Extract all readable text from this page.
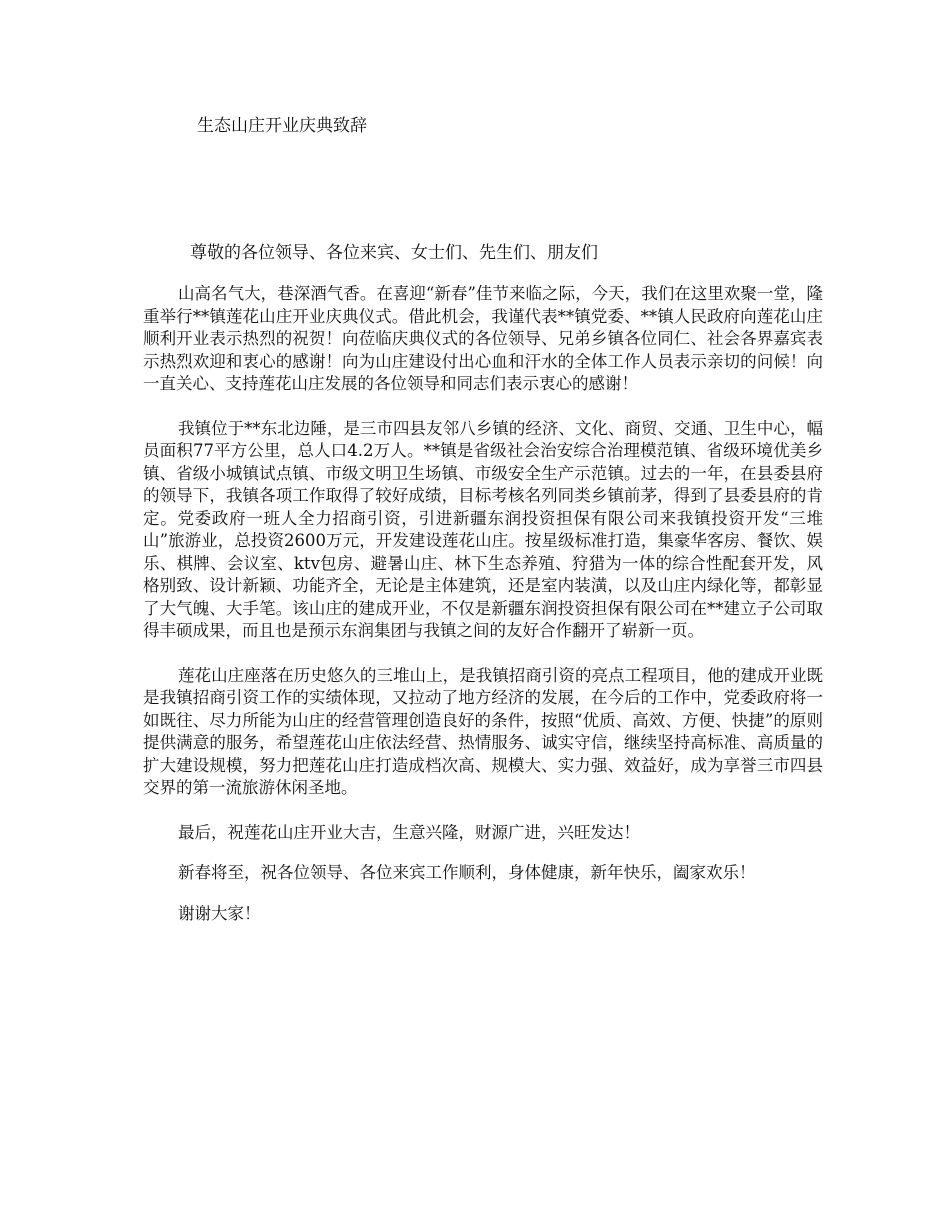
生态山庄开业庆典致辞

尊敬的各位领导、各位来宾、女士们、先生们、朋友们

山高名气大，巷深酒气香。在喜迎“新春”佳节来临之际，今天，我们在这里欢聚一堂，隆重举行**镇莲花山庄开业庆典仪式。借此机会，我谨代表**镇党委、**镇人民政府向莲花山庄顺利开业表示热烈的祝贺！向莅临庆典仪式的各位领导、兄弟乡镇各位同仁、社会各界嘉宾表示热烈欢迎和衷心的感谢！向为山庄建设付出心血和汗水的全体工作人员表示亲切的问候！向一直关心、支持莲花山庄发展的各位领导和同志们表示衷心的感谢！

我镇位于**东北边陲，是三市四县友邻八乡镇的经济、文化、商贸、交通、卫生中心，幅员面积77平方公里，总人口4.2万人。**镇是省级社会治安综合治理模范镇、省级环境优美乡镇、省级小城镇试点镇、市级文明卫生场镇、市级安全生产示范镇。过去的一年，在县委县府的领导下，我镇各项工作取得了较好成绩，目标考核名列同类乡镇前茅，得到了县委县府的肯定。党委政府一班人全力招商引资，引进新疆东润投资担保有限公司来我镇投资开发“三堆山”旅游业，总投资2600万元，开发建设莲花山庄。按星级标准打造，集豪华客房、餐饮、娱乐、棋牌、会议室、ktv包房、避暑山庄、林下生态养殖、狩猎为一体的综合性配套开发，风格别致、设计新颖、功能齐全，无论是主体建筑，还是室内装潢，以及山庄内绿化等，都彰显了大气魄、大手笔。该山庄的建成开业，不仅是新疆东润投资担保有限公司在**建立子公司取得丰硕成果，而且也是预示东润集团与我镇之间的友好合作翻开了崭新一页。

莲花山庄座落在历史悠久的三堆山上，是我镇招商引资的亮点工程项目，他的建成开业既是我镇招商引资工作的实绩体现，又拉动了地方经济的发展，在今后的工作中，党委政府将一如既往、尽力所能为山庄的经营管理创造良好的条件，按照“优质、高效、方便、快捷”的原则提供满意的服务，希望莲花山庄依法经营、热情服务、诚实守信，继续坚持高标准、高质量的扩大建设规模，努力把莲花山庄打造成档次高、规模大、实力强、效益好，成为享誉三市四县交界的第一流旅游休闲圣地。

最后，祝莲花山庄开业大吉，生意兴隆，财源广进，兴旺发达！

新春将至，祝各位领导、各位来宾工作顺利，身体健康，新年快乐，阖家欢乐！

谢谢大家！
